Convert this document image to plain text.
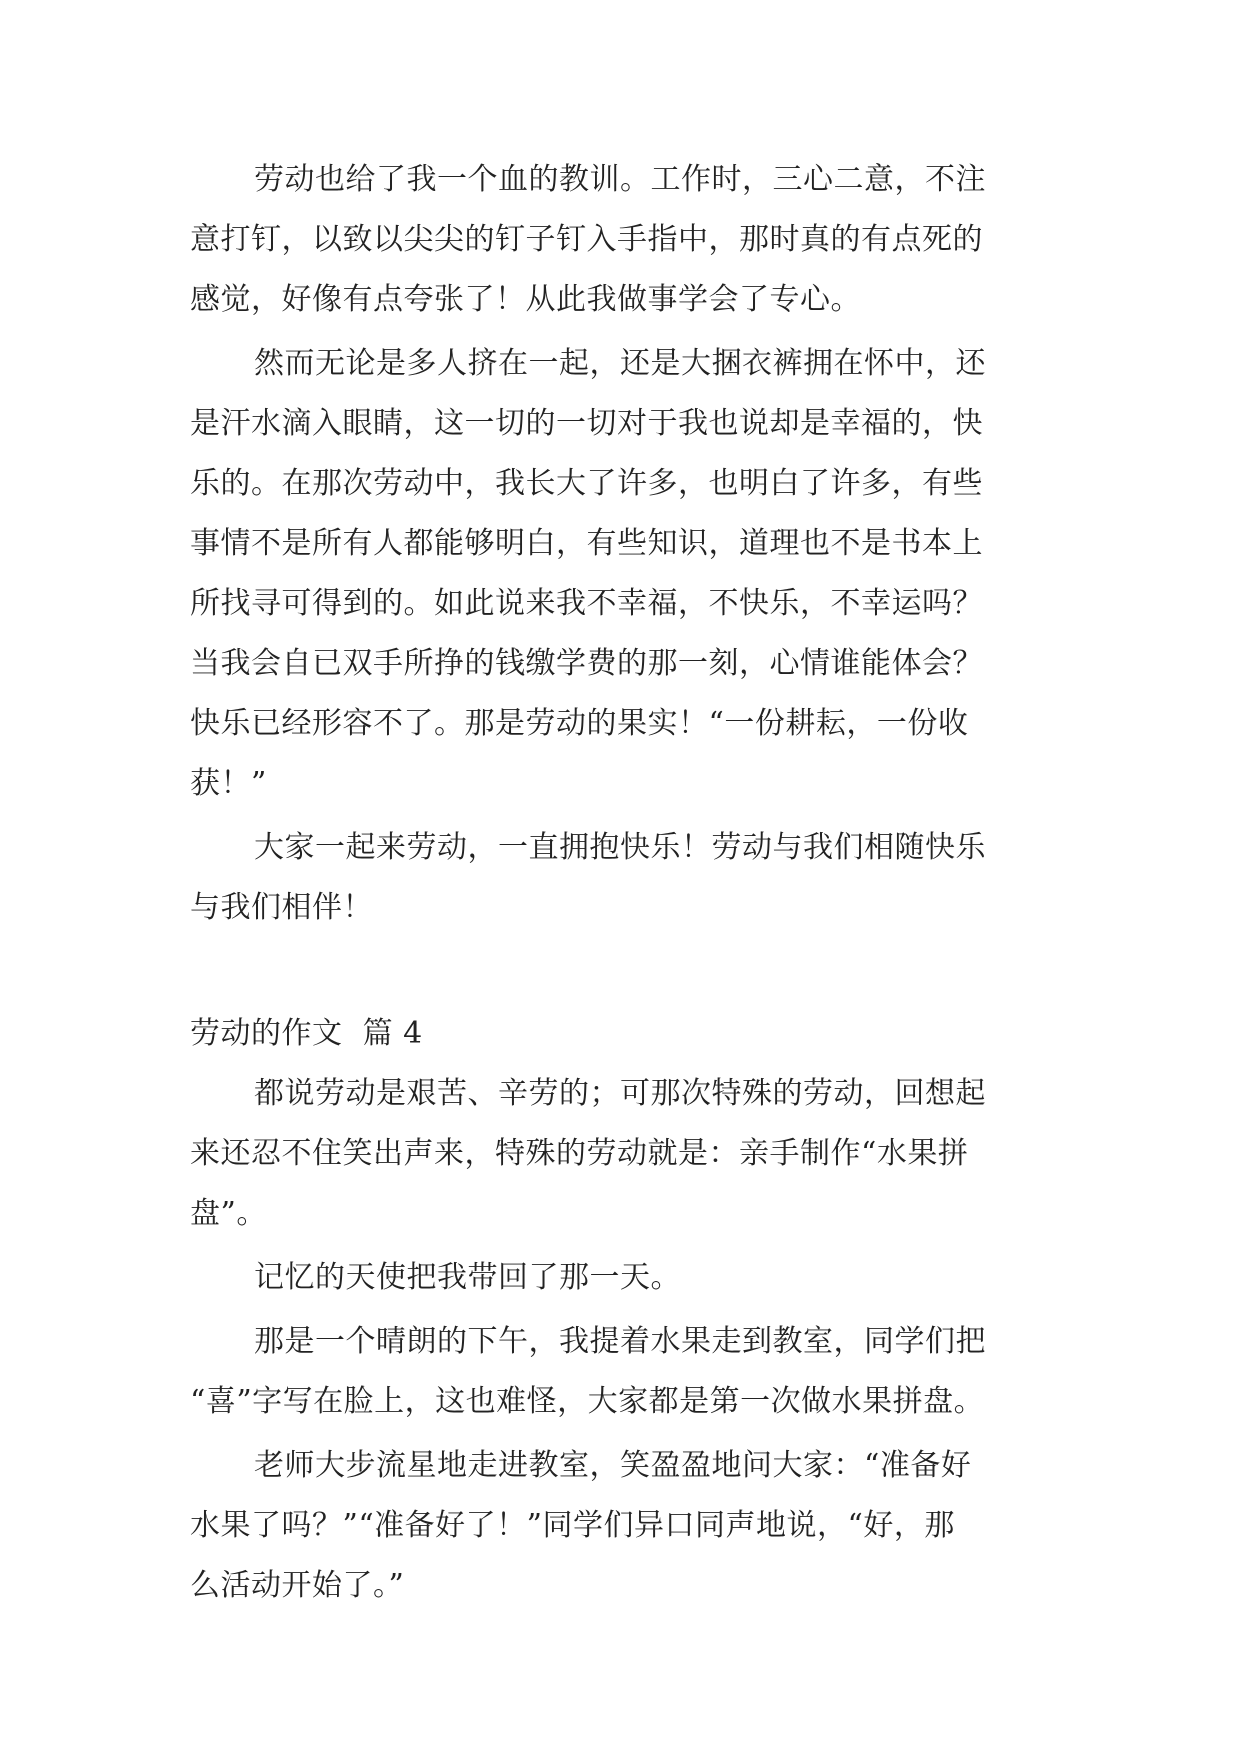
劳动也给了我一个血的教训。工作时，三心二意，不注
意打钉，以致以尖尖的钉子钉入手指中，那时真的有点死的
感觉，好像有点夸张了！从此我做事学会了专心。
然而无论是多人挤在一起，还是大捆衣裤拥在怀中，还
是汗水滴入眼睛，这一切的一切对于我也说却是幸福的，快
乐的。在那次劳动中，我长大了许多，也明白了许多，有些
事情不是所有人都能够明白，有些知识，道理也不是书本上
所找寻可得到的。如此说来我不幸福，不快乐，不幸运吗？
当我会自已双手所挣的钱缴学费的那一刻，心情谁能体会？
快乐已经形容不了。那是劳动的果实！“一份耕耘，一份收
获！”
大家一起来劳动，一直拥抱快乐！劳动与我们相随快乐
与我们相伴！
劳动的作文  篇 4
都说劳动是艰苦、辛劳的；可那次特殊的劳动，回想起
来还忍不住笑出声来，特殊的劳动就是：亲手制作“水果拼
盘”。
记忆的天使把我带回了那一天。
那是一个晴朗的下午，我提着水果走到教室，同学们把
“喜”字写在脸上，这也难怪，大家都是第一次做水果拼盘。
老师大步流星地走进教室，笑盈盈地问大家：“准备好
水果了吗？”“准备好了！”同学们异口同声地说，“好，那
么活动开始了。”
